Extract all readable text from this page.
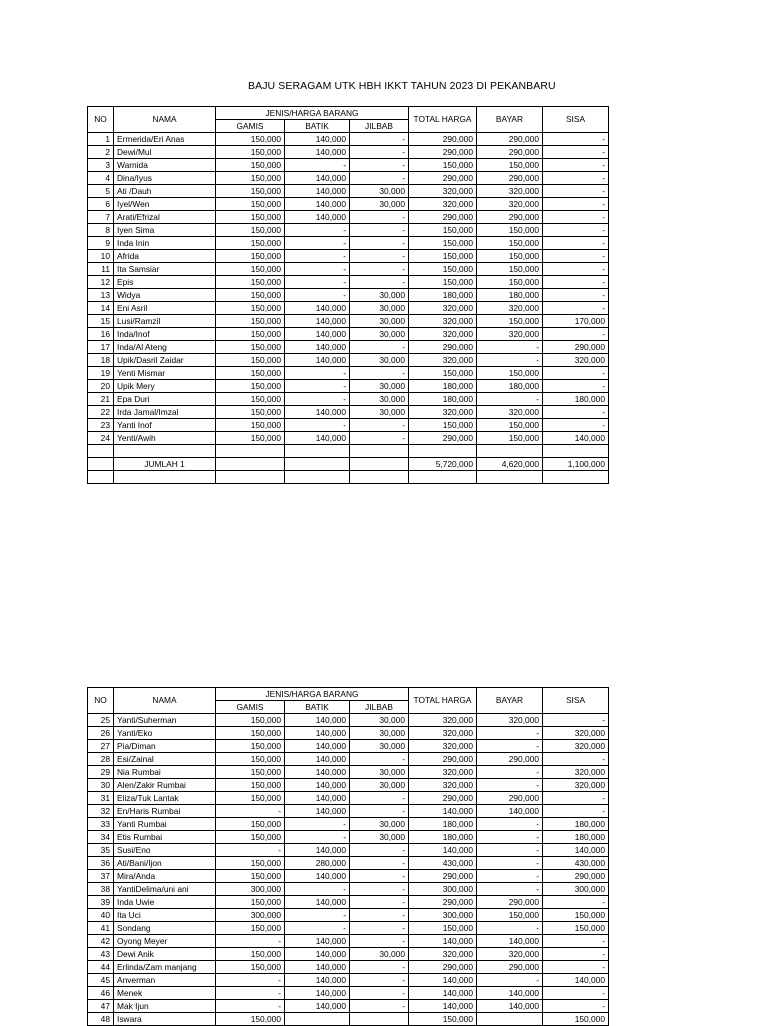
BAJU SERAGAM UTK HBH IKKT TAHUN 2023 DI PEKANBARU
NO	NAMA	JENIS/HARGA BARANG			TOTAL HARGA	BAYAR	SISA
		GAMIS	BATIK	JILBAB			
1	Ermerida/Eri Anas	150,000	140,000	-	290,000	290,000	-
2	Dewi/Mul	150,000	140,000	-	290,000	290,000	-
3	Warnida	150,000	-	-	150,000	150,000	-
4	Dina/Iyus	150,000	140,000	-	290,000	290,000	-
5	Ati /Dauh	150,000	140,000	30,000	320,000	320,000	-
6	Iyel/Wen	150,000	140,000	30,000	320,000	320,000	-
7	Arati/Efrizal	150,000	140,000	-	290,000	290,000	-
8	Iyen Sima	150,000	-	-	150,000	150,000	-
9	Inda Inin	150,000	-	-	150,000	150,000	-
10	Afrida	150,000	-	-	150,000	150,000	-
11	Ita Samsiar	150,000	-	-	150,000	150,000	-
12	Epis	150,000	-	-	150,000	150,000	-
13	Widya	150,000	-	30,000	180,000	180,000	-
14	Eni Asril	150,000	140,000	30,000	320,000	320,000	-
15	Lusi/Ramzil	150,000	140,000	30,000	320,000	150,000	170,000
16	Inda/Inof	150,000	140,000	30,000	320,000	320,000	-
17	Inda/Al Ateng	150,000	140,000	-	290,000	-	290,000
18	Upik/Dasril Zaidar	150,000	140,000	30,000	320,000	-	320,000
19	Yenti Mismar	150,000	-	-	150,000	150,000	-
20	Upik Mery	150,000	-	30,000	180,000	180,000	-
21	Epa Duri	150,000	-	30,000	180,000	-	180,000
22	Irda Jamal/Imzal	150,000	140,000	30,000	320,000	320,000	-
23	Yanti Inof	150,000	-	-	150,000	150,000	-
24	Yenti/Awih	150,000	140,000	-	290,000	150,000	140,000

	JUMLAH 1				5,720,000	4,620,000	1,100,000

NO	NAMA	JENIS/HARGA BARANG			TOTAL HARGA	BAYAR	SISA
		GAMIS	BATIK	JILBAB			
25	Yanti/Suherman	150,000	140,000	30,000	320,000	320,000	-
26	Yanti/Eko	150,000	140,000	30,000	320,000	-	320,000
27	Pia/Diman	150,000	140,000	30,000	320,000	-	320,000
28	Esi/Zainal	150,000	140,000	-	290,000	290,000	-
29	Nia Rumbai	150,000	140,000	30,000	320,000	-	320,000
30	Alen/Zakir Rumbai	150,000	140,000	30,000	320,000	-	320,000
31	Eliza/Tuk Lantak	150,000	140,000	-	290,000	290,000	-
32	En/Haris Rumbai	-	140,000	-	140,000	140,000	-
33	Yanti Rumbai	150,000	-	30,000	180,000	-	180,000
34	Etis Rumbai	150,000	-	30,000	180,000	-	180,000
35	Susi/Eno	-	140,000	-	140,000	-	140,000
36	Ati/Bani/Ijon	150,000	280,000	-	430,000	-	430,000
37	Mira/Anda	150,000	140,000	-	290,000	-	290,000
38	YantiDelima/uni ani	300,000	-	-	300,000	-	300,000
39	Inda Uwie	150,000	140,000	-	290,000	290,000	-
40	Ita Uci	300,000	-	-	300,000	150,000	150,000
41	Sondang	150,000	-	-	150,000	-	150,000
42	Oyong Meyer	-	140,000	-	140,000	140,000	-
43	Dewi Anik	150,000	140,000	30,000	320,000	320,000	-
44	Erlinda/Zam manjang	150,000	140,000	-	290,000	290,000	-
45	Anverman	-	140,000	-	140,000	-	140,000
46	Menek	-	140,000	-	140,000	140,000	-
47	Mak Ijun	-	140,000	-	140,000	140,000	-
48	Iswara	150,000			150,000		150,000
